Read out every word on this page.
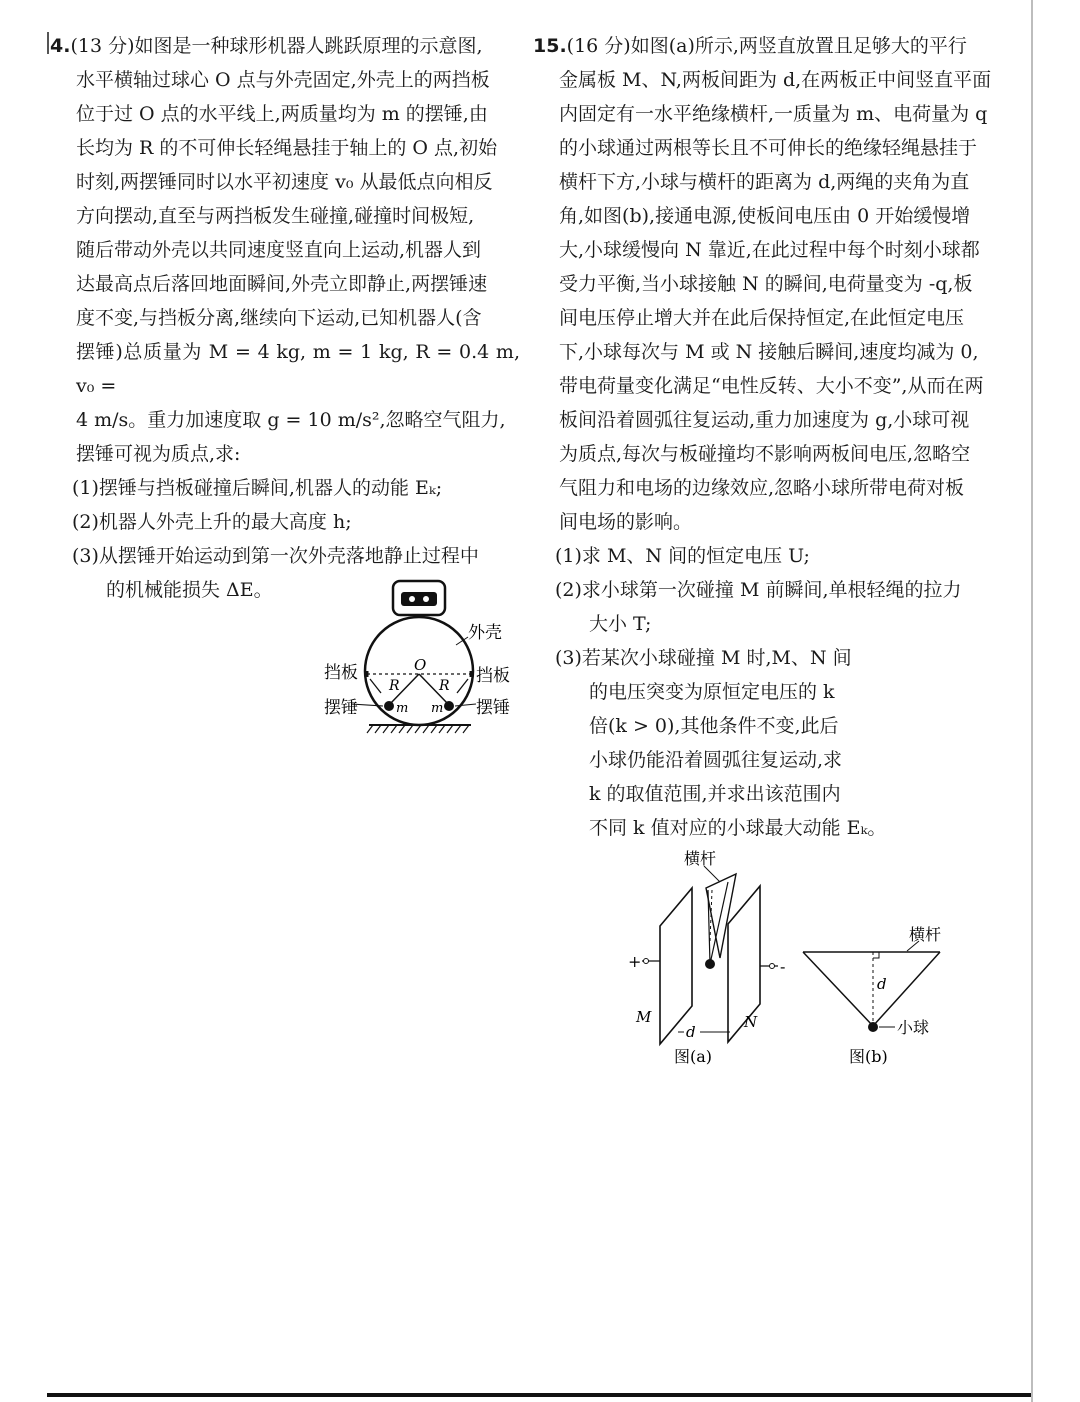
4.(13 分)如图是一种球形机器人跳跃原理的示意图,

水平横轴过球心 O 点与外壳固定,外壳上的两挡板

位于过 O 点的水平线上,两质量均为 m 的摆锤,由

长均为 R 的不可伸长轻绳悬挂于轴上的 O 点,初始

时刻,两摆锤同时以水平初速度 v₀ 从最低点向相反

方向摆动,直至与两挡板发生碰撞,碰撞时间极短,

随后带动外壳以共同速度竖直向上运动,机器人到

达最高点后落回地面瞬间,外壳立即静止,两摆锤速

度不变,与挡板分离,继续向下运动,已知机器人(含

摆锤)总质量为 M = 4 kg, m = 1 kg, R = 0.4 m, v₀ =

4 m/s。重力加速度取 g = 10 m/s²,忽略空气阻力,

摆锤可视为质点,求:

(1)摆锤与挡板碰撞后瞬间,机器人的动能 Eₖ;

(2)机器人外壳上升的最大高度 h;

(3)从摆锤开始运动到第一次外壳落地静止过程中
的机械能损失 ΔE。

外壳
挡板	挡板
摆锤	摆锤
O
R	R
m m

15.(16 分)如图(a)所示,两竖直放置且足够大的平行

金属板 M、N,两板间距为 d,在两板正中间竖直平面

内固定有一水平绝缘横杆,一质量为 m、电荷量为 q

的小球通过两根等长且不可伸长的绝缘轻绳悬挂于

横杆下方,小球与横杆的距离为 d,两绳的夹角为直

角,如图(b),接通电源,使板间电压由 0 开始缓慢增

大,小球缓慢向 N 靠近,在此过程中每个时刻小球都

受力平衡,当小球接触 N 的瞬间,电荷量变为 -q,板

间电压停止增大并在此后保持恒定,在此恒定电压

下,小球每次与 M 或 N 接触后瞬间,速度均减为 0,

带电荷量变化满足“电性反转、大小不变”,从而在两

板间沿着圆弧往复运动,重力加速度为 g,小球可视

为质点,每次与板碰撞均不影响两板间电压,忽略空

气阻力和电场的边缘效应,忽略小球所带电荷对板

间电场的影响。

(1)求 M、N 间的恒定电压 U;

(2)求小球第一次碰撞 M 前瞬间,单根轻绳的拉力
大小 T;

(3)若某次小球碰撞 M 时,M、N 间
的电压突变为原恒定电压的 k
倍(k > 0),其他条件不变,此后
小球仍能沿着圆弧往复运动,求
k 的取值范围,并求出该范围内
不同 k 值对应的小球最大动能 Eₖ。

+	-
横杆
M	N
d
图(a)
横杆
d
小球
图(b)
